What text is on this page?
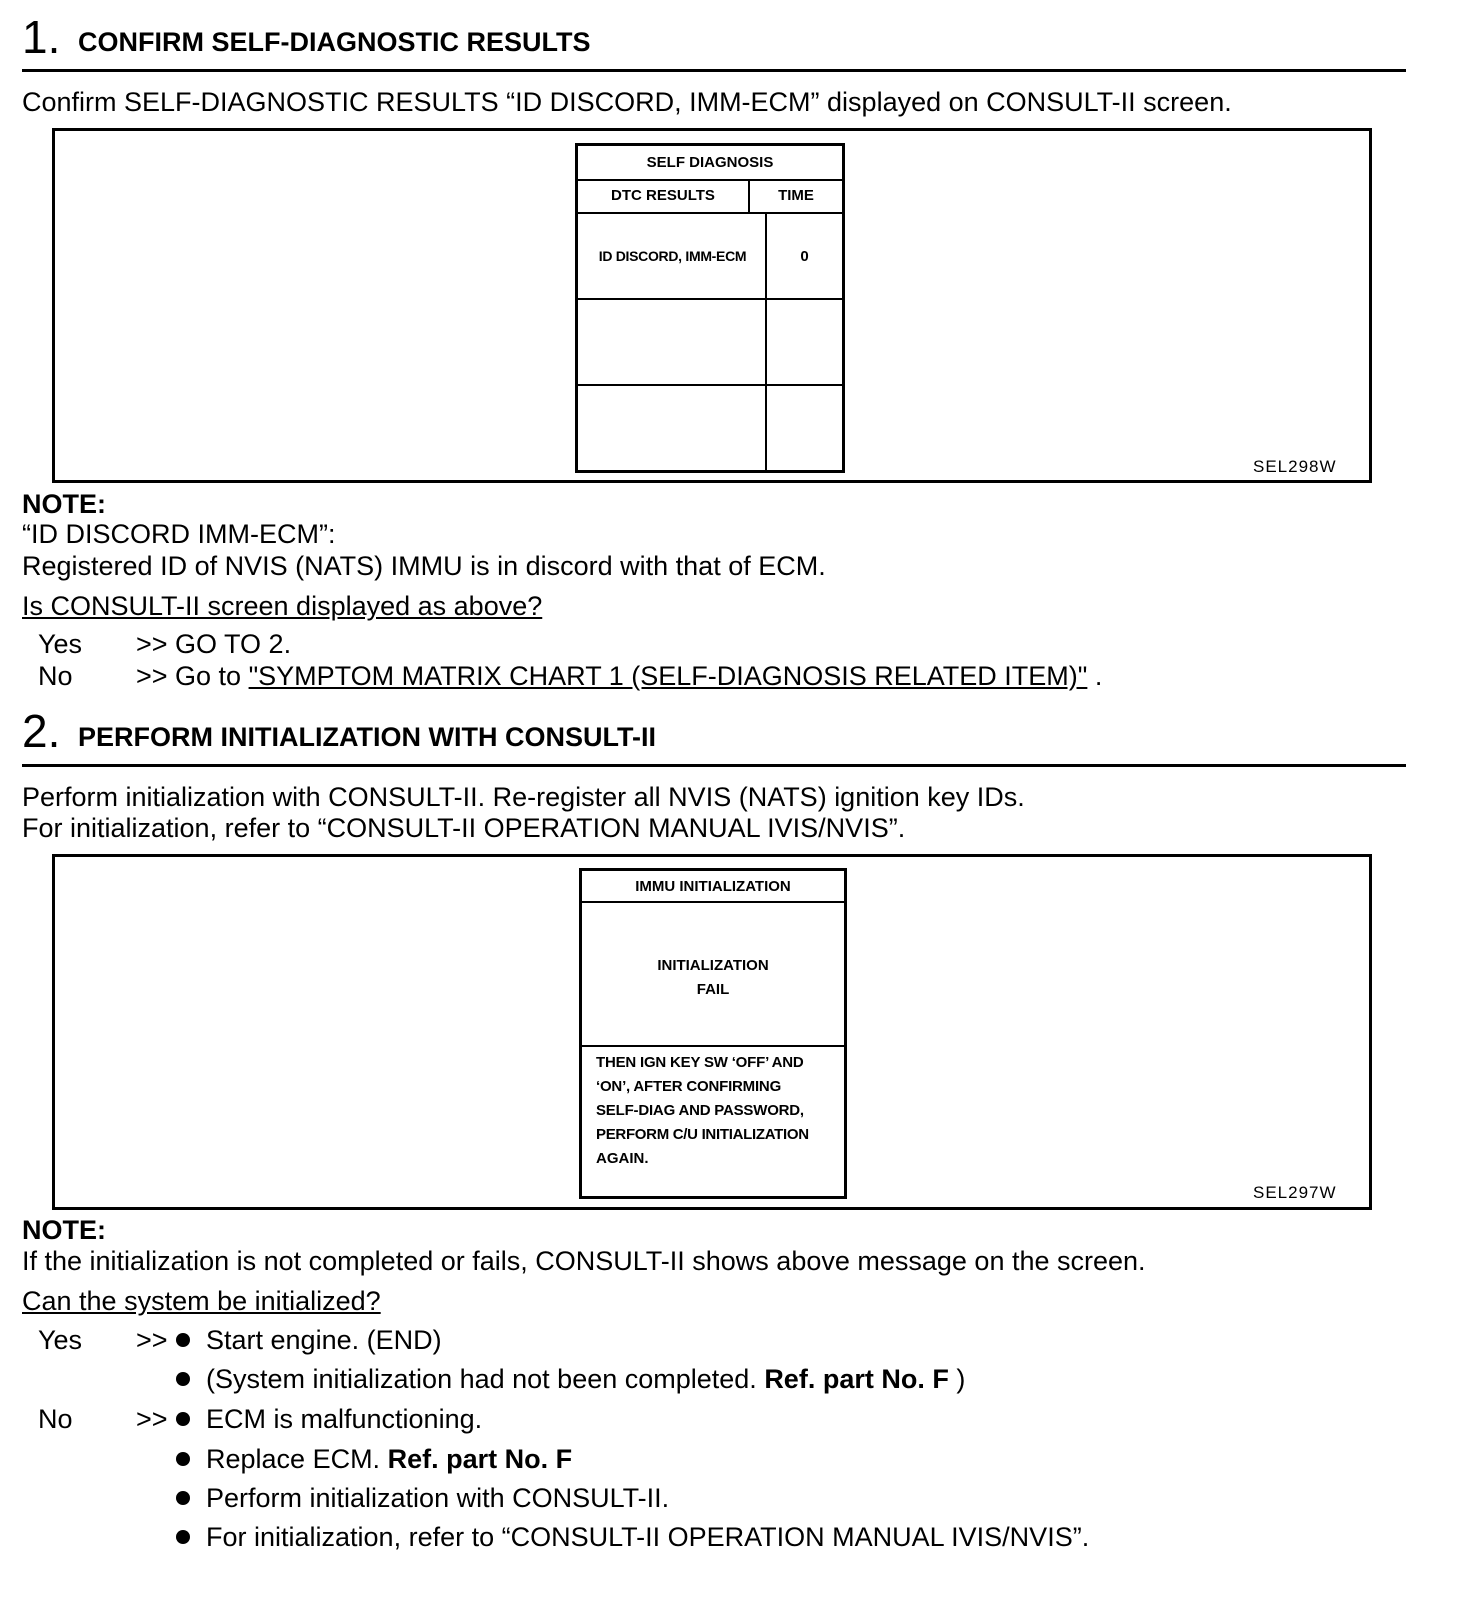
1. CONFIRM SELF-DIAGNOSTIC RESULTS
Confirm SELF-DIAGNOSTIC RESULTS “ID DISCORD, IMM-ECM” displayed on CONSULT-II screen.
SELF DIAGNOSIS
DTC RESULTS	TIME
ID DISCORD, IMM-ECM	0
SEL298W
NOTE:
“ID DISCORD IMM-ECM”:
Registered ID of NVIS (NATS) IMMU is in discord with that of ECM.
Is CONSULT-II screen displayed as above?
Yes >> GO TO 2.
No >> Go to "SYMPTOM MATRIX CHART 1 (SELF-DIAGNOSIS RELATED ITEM)" .
2. PERFORM INITIALIZATION WITH CONSULT-II
Perform initialization with CONSULT-II. Re-register all NVIS (NATS) ignition key IDs.
For initialization, refer to “CONSULT-II OPERATION MANUAL IVIS/NVIS”.
IMMU INITIALIZATION
INITIALIZATION
FAIL
THEN IGN KEY SW ‘OFF’ AND
‘ON’, AFTER CONFIRMING
SELF-DIAG AND PASSWORD,
PERFORM C/U INITIALIZATION
AGAIN.
SEL297W
NOTE:
If the initialization is not completed or fails, CONSULT-II shows above message on the screen.
Can the system be initialized?
Yes >>	Start engine. (END)
(System initialization had not been completed. Ref. part No. F )
No >>	ECM is malfunctioning.
Replace ECM. Ref. part No. F
Perform initialization with CONSULT-II.
For initialization, refer to “CONSULT-II OPERATION MANUAL IVIS/NVIS”.
